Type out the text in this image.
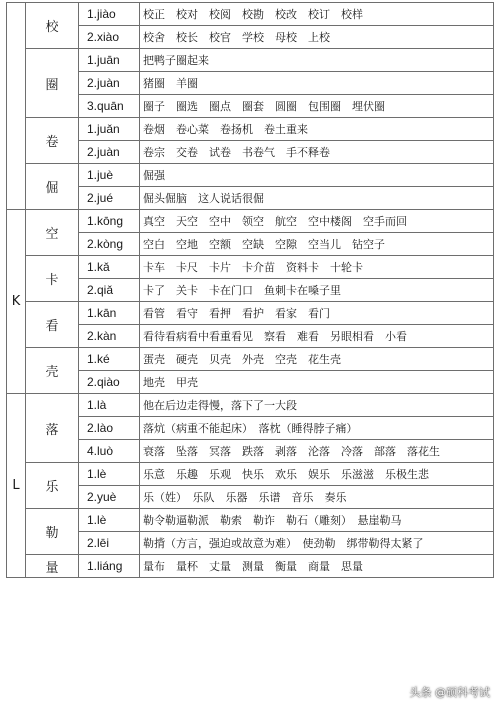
	校	1.jiào	校正　校对　校阅　校勘　校改　校订　校样
		2.xiào	校舍　校长　校官　学校　母校　上校
	圈	1.juān	把鸭子圈起来
		2.juàn	猪圈　羊圈
		3.quān	圈子　圈选　圈点　圈套　圆圈　包围圈　埋伏圈
	卷	1.juǎn	卷烟　卷心菜　卷扬机　卷土重来
		2.juàn	卷宗　交卷　试卷　书卷气　手不释卷
	倔	1.juè	倔强
		2.jué	倔头倔脑　这人说话很倔
K	空	1.kōng	真空　天空　空中　领空　航空　空中楼阁　空手而回
		2.kòng	空白　空地　空额　空缺　空隙　空当儿　钻空子
	卡	1.kǎ	卡车　卡尺　卡片　卡介苗　资料卡　十轮卡
		2.qiǎ	卡了　关卡　卡在门口　鱼刺卡在嗓子里
	看	1.kān	看管　看守　看押　看护　看家　看门
		2.kàn	看待看病看中看重看见　察看　难看　另眼相看　小看
	壳	1.ké	蛋壳　硬壳　贝壳　外壳　空壳　花生壳
		2.qiào	地壳　甲壳
L	落	1.là	他在后边走得慢，落下了一大段
		2.lào	落炕（病重不能起床）　落枕（睡得脖子痛）
		4.luò	衰落　坠落　冥落　跌落　剥落　沦落　冷落　部落　落花生
	乐	1.lè	乐意　乐趣　乐观　快乐　欢乐　娱乐　乐滋滋　乐极生悲
		2.yuè	乐（姓）　乐队　乐器　乐谱　音乐　奏乐
	勒	1.lè	勒令勒逼勒派　勒索　勒诈　勒石（雕刻）　悬崖勒马
		2.lēi	勒揹（方言，强迫或故意为难）　使劲勒　绑带勒得太紧了
	量	1.liáng	量布　量杯　丈量　测量　衡量　商量　思量
头条 @硕科考试
